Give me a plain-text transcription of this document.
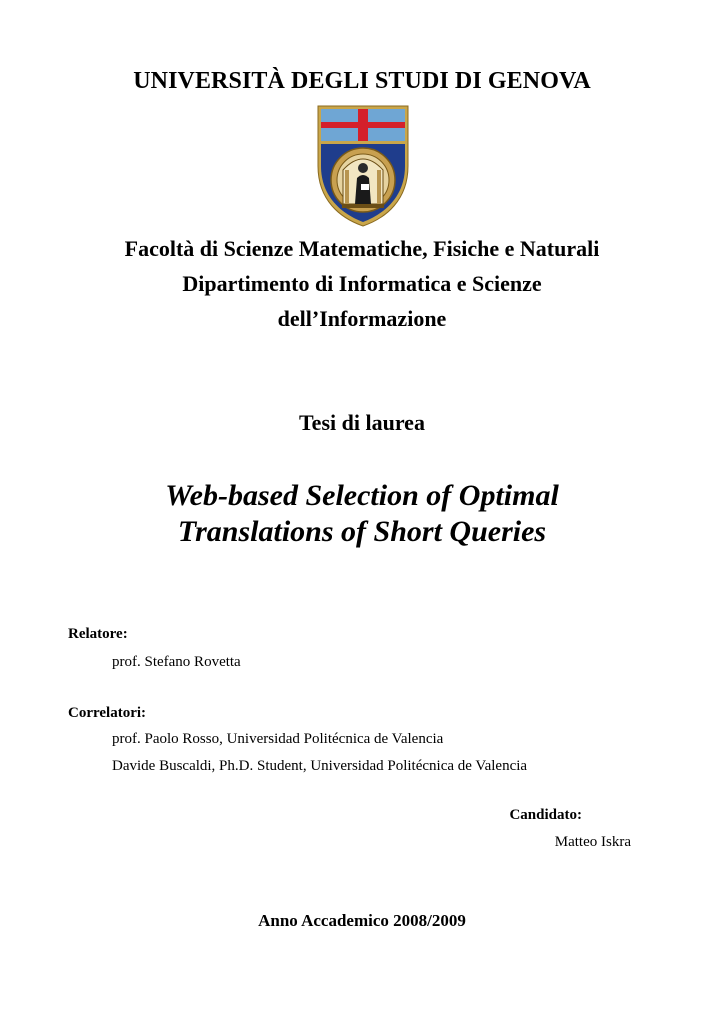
UNIVERSITÀ DEGLI STUDI DI GENOVA
Facoltà di Scienze Matematiche, Fisiche e Naturali
Dipartimento di Informatica e Scienze
dell’Informazione
Tesi di laurea
Web-based Selection of Optimal
Translations of Short Queries
Relatore:
prof. Stefano Rovetta
Correlatori:
prof. Paolo Rosso, Universidad Politécnica de Valencia
Davide Buscaldi, Ph.D. Student, Universidad Politécnica de Valencia
Candidato:
Matteo Iskra
Anno Accademico 2008/2009
